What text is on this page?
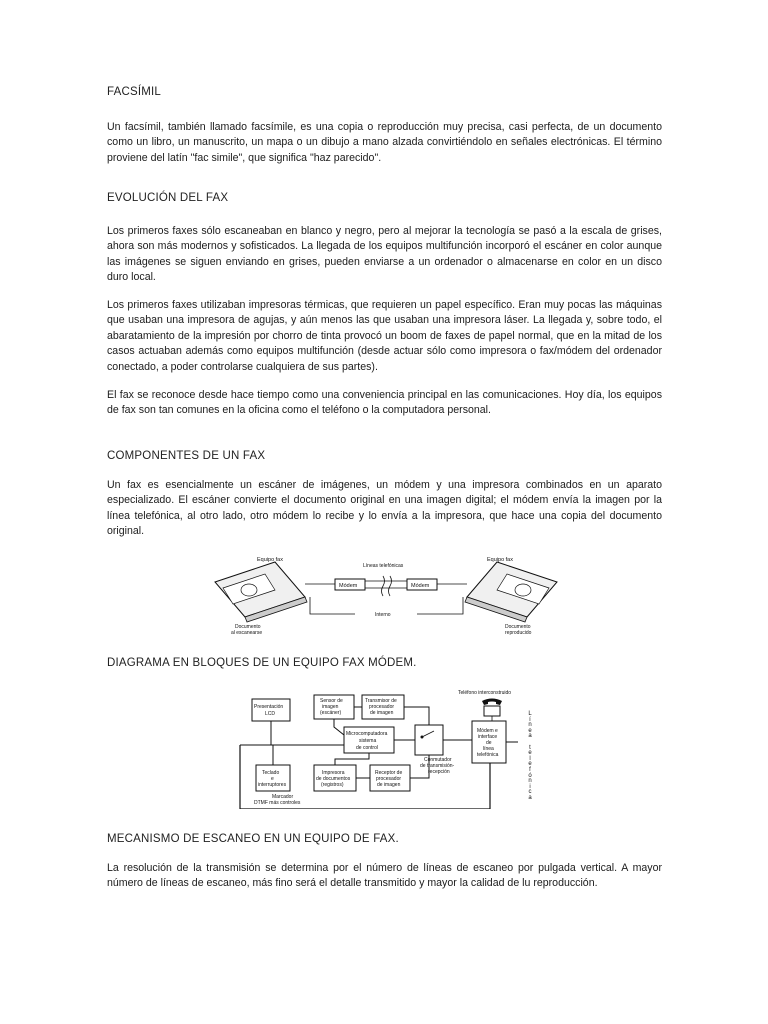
FACSÍMIL

Un facsímil, también llamado facsímile, es una copia o reproducción muy precisa, casi perfecta, de un documento como un libro, un manuscrito, un mapa o un dibujo a mano alzada convirtiéndolo en señales electrónicas. El término proviene del latín "fac simile", que significa "haz parecido".

EVOLUCIÓN DEL FAX

Los primeros faxes sólo escaneaban en blanco y negro, pero al mejorar la tecnología se pasó a la escala de grises, ahora son más modernos y sofisticados. La llegada de los equipos multifunción incorporó el escáner en color aunque las imágenes se siguen enviando en grises, pueden enviarse a un ordenador o almacenarse en color en un disco duro local.

Los primeros faxes utilizaban impresoras térmicas, que requieren un papel específico. Eran muy pocas las máquinas que usaban una impresora de agujas, y aún menos las que usaban una impresora láser. La llegada y, sobre todo, el abaratamiento de la impresión por chorro de tinta provocó un boom de faxes de papel normal, que en la mitad de los casos actuaban además como equipos multifunción (desde actuar sólo como impresora o fax/módem del ordenador conectado, a poder controlarse cualquiera de sus partes).

El fax se reconoce desde hace tiempo como una conveniencia principal en las comunicaciones. Hoy día, los equipos de fax son tan comunes en la oficina como el teléfono o la computadora personal.

COMPONENTES DE UN FAX

Un fax es esencialmente un escáner de imágenes, un módem y una impresora combinados en un aparato especializado. El escáner convierte el documento original en una imagen digital; el módem envía la imagen por la línea telefónica, al otro lado, otro módem lo recibe y lo envía a la impresora, que hace una copia del documento original.

Equipo fax
Documento
al escanearse
Módem	Módem
Líneas telefónicas
Interno
Equipo fax
Documento
reproducido

DIAGRAMA EN BLOQUES DE UN EQUIPO FAX MÓDEM.

Presentación
LCD
Sensor de
imagen
(escáner)
Transmisor de
procesador
de imagen
Microcomputadora
sistema
de control
Conmutador
de transmisión-
recepción
Módem e
interface
de
línea
telefónica
Teléfono interconstruido
Teclado
e
interruptores
Marcador
DTMF más controles
Impresora
de documentos
(registros)
Receptor de
procesador
de imagen
L
í
n
e
a

t
e
l
e
f
ó
n
i
c
a

MECANISMO DE ESCANEO EN UN EQUIPO DE FAX.

La resolución de la transmisión se determina por el número de líneas de escaneo por pulgada vertical. A mayor número de líneas de escaneo, más fino será el detalle transmitido y mayor la calidad de lu reproducción.
